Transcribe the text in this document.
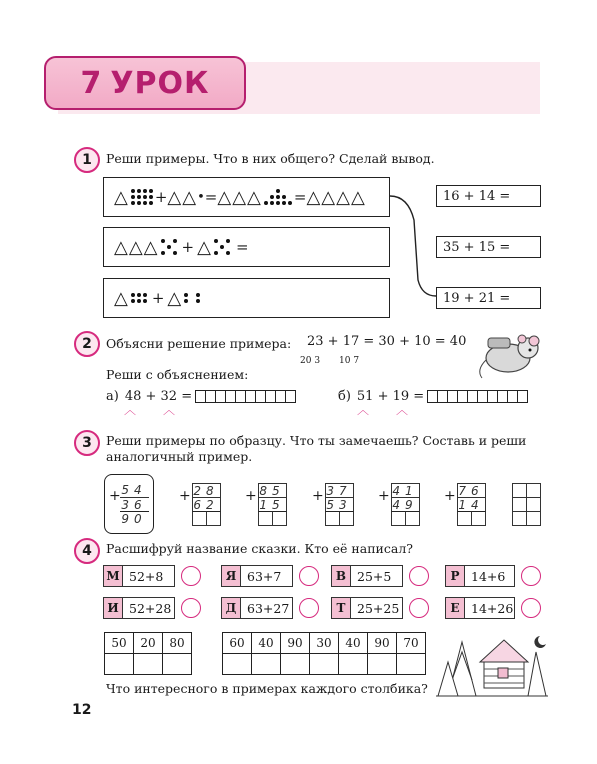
7 УРОК
1	Реши примеры. Что в них общего? Сделай вывод.
△ + △△ • = △△△ = △△△△
△△△ + △ =
△ + △
16 + 14 =
35 + 15 =
19 + 21 =
2	Объясни решение примера: 23 + 17 = 30 + 10 = 40
20 3 10 7
Реши с объяснением:
а) 48 + 32 =
︿ ︿
б) 51 + 19 =
︿ ︿
3	Реши примеры по образцу. Что ты замечаешь? Составь и реши
аналогичный пример.
+ 54
36
90
+ 28
62
+ 85
15
+ 37
53
+ 41
49
+ 76
14
4	Расшифруй название сказки. Кто её написал?
М 52+8	Я 63+7	В 25+5	Р 14+6
И 52+28	Д 63+27	Т 25+25	Е 14+26
50	20	80
			60	40	90	30	40	90	70

Что интересного в примерах каждого столбика?
12
